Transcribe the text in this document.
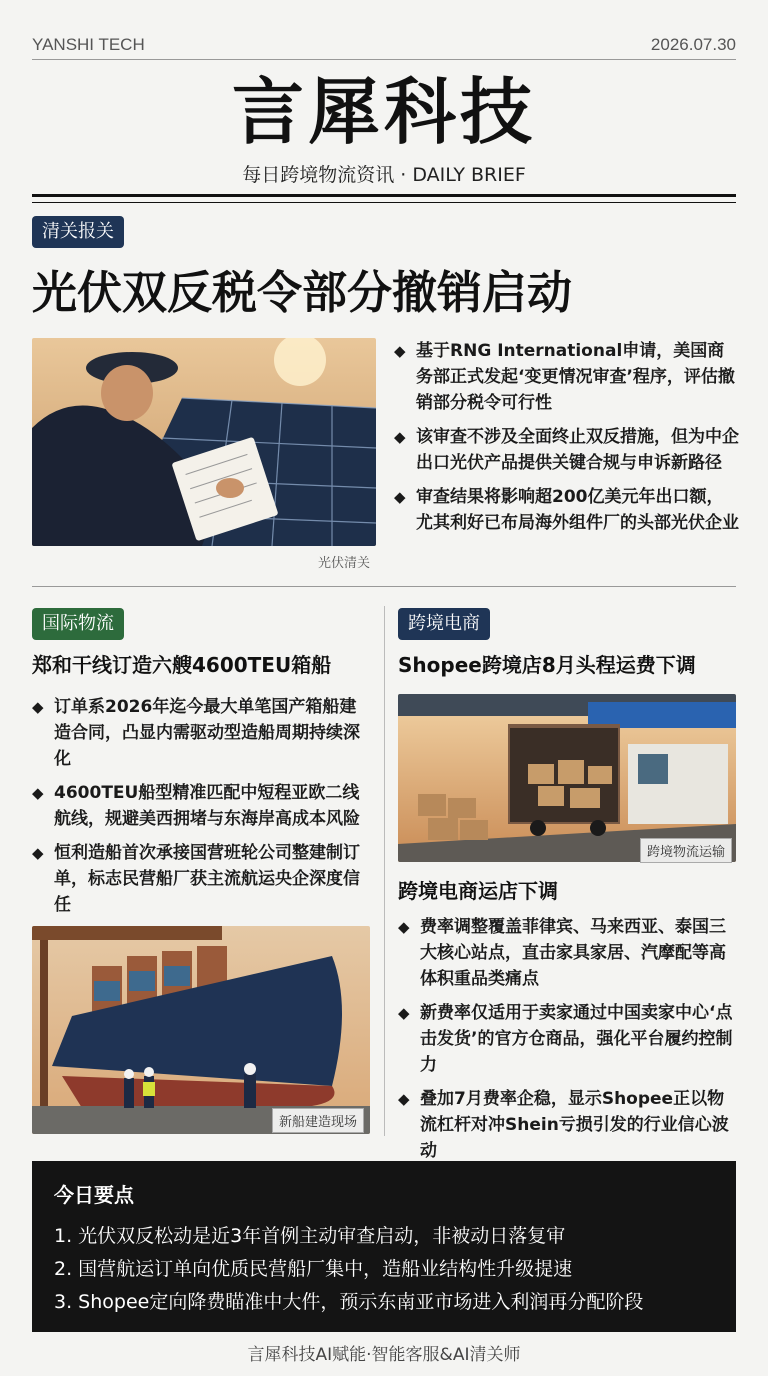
YANSHI TECH	2026.07.30
言犀科技
每日跨境物流资讯 · DAILY BRIEF
清关报关
光伏双反税令部分撤销启动
光伏清关
◆ 基于RNG International申请，美国商务部正式发起‘变更情况审查’程序，评估撤销部分税令可行性
◆ 该审查不涉及全面终止双反措施，但为中企出口光伏产品提供关键合规与申诉新路径
◆ 审查结果将影响超200亿美元年出口额，尤其利好已布局海外组件厂的头部光伏企业
国际物流
郑和干线订造六艘4600TEU箱船
◆ 订单系2026年迄今最大单笔国产箱船建造合同，凸显内需驱动型造船周期持续深化
◆ 4600TEU船型精准匹配中短程亚欧二线航线，规避美西拥堵与东海岸高成本风险
◆ 恒利造船首次承接国营班轮公司整建制订单，标志民营船厂获主流航运央企深度信任
新船建造现场
跨境电商
Shopee跨境店8月头程运费下调
跨境物流运输
跨境电商运店下调
◆ 费率调整覆盖菲律宾、马来西亚、泰国三大核心站点，直击家具家居、汽摩配等高体积重品类痛点
◆ 新费率仅适用于卖家通过中国卖家中心‘点击发货’的官方仓商品，强化平台履约控制力
◆ 叠加7月费率企稳，显示Shopee正以物流杠杆对冲Shein亏损引发的行业信心波动
今日要点
1. 光伏双反松动是近3年首例主动审查启动，非被动日落复审
2. 国营航运订单向优质民营船厂集中，造船业结构性升级提速
3. Shopee定向降费瞄准中大件，预示东南亚市场进入利润再分配阶段
言犀科技AI赋能·智能客服&AI清关师
